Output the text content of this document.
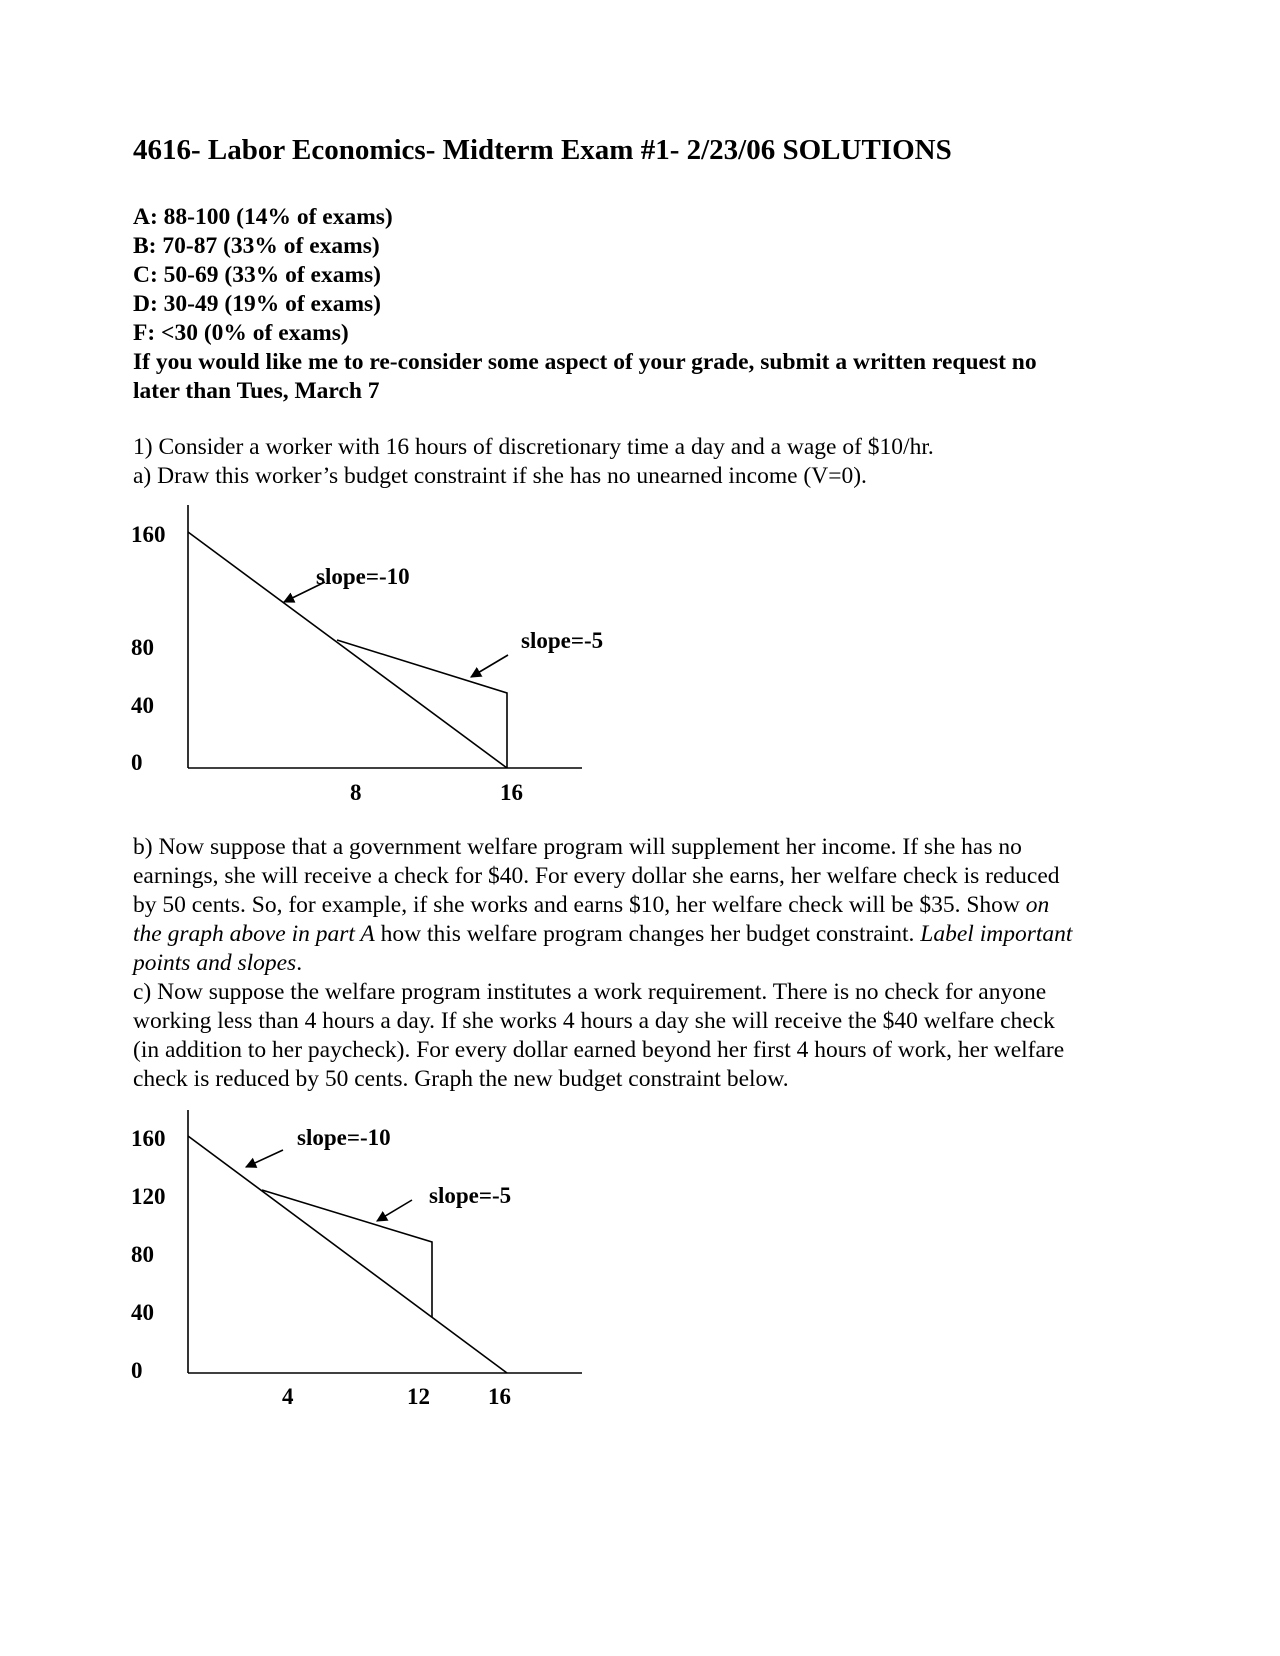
4616- Labor Economics- Midterm Exam #1- 2/23/06 SOLUTIONS
A: 88-100 (14% of exams)
B: 70-87 (33% of exams)
C: 50-69 (33% of exams)
D: 30-49 (19% of exams)
F: <30 (0% of exams)
If you would like me to re-consider some aspect of your grade, submit a written request no
later than Tues, March 7
1) Consider a worker with 16 hours of discretionary time a day and a wage of $10/hr.
a) Draw this worker’s budget constraint if she has no unearned income (V=0).
160
80
40
0
8	16
slope=-10
slope=-5
b) Now suppose that a government welfare program will supplement her income. If she has no
earnings, she will receive a check for $40. For every dollar she earns, her welfare check is reduced
by 50 cents. So, for example, if she works and earns $10, her welfare check will be $35. Show on
the graph above in part A how this welfare program changes her budget constraint. Label important
points and slopes.
c) Now suppose the welfare program institutes a work requirement. There is no check for anyone
working less than 4 hours a day. If she works 4 hours a day she will receive the $40 welfare check
(in addition to her paycheck). For every dollar earned beyond her first 4 hours of work, her welfare
check is reduced by 50 cents. Graph the new budget constraint below.
160
120
80
40
0
4	12	16
slope=-10
slope=-5
